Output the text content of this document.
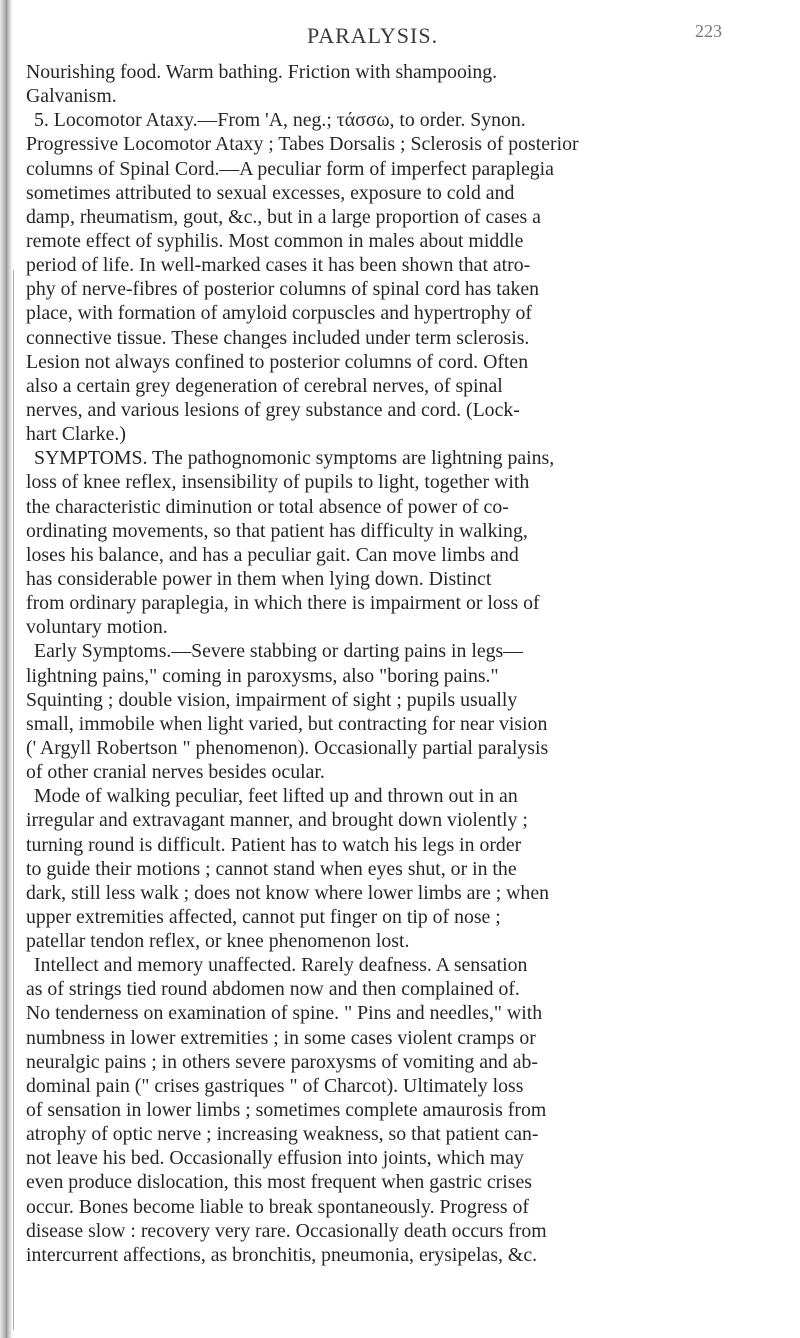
PARALYSIS.	223
Nourishing food. Warm bathing. Friction with shampooing.
Galvanism.
5. Locomotor Ataxy.—From 'A, neg.; τάσσω, to order. Synon.
Progressive Locomotor Ataxy ; Tabes Dorsalis ; Sclerosis of posterior
columns of Spinal Cord.—A peculiar form of imperfect paraplegia
sometimes attributed to sexual excesses, exposure to cold and
damp, rheumatism, gout, &c., but in a large proportion of cases a
remote effect of syphilis. Most common in males about middle
period of life. In well-marked cases it has been shown that atro-
phy of nerve-fibres of posterior columns of spinal cord has taken
place, with formation of amyloid corpuscles and hypertrophy of
connective tissue. These changes included under term sclerosis.
Lesion not always confined to posterior columns of cord. Often
also a certain grey degeneration of cerebral nerves, of spinal
nerves, and various lesions of grey substance and cord. (Lock-
hart Clarke.)
SYMPTOMS. The pathognomonic symptoms are lightning pains,
loss of knee reflex, insensibility of pupils to light, together with
the characteristic diminution or total absence of power of co-
ordinating movements, so that patient has difficulty in walking,
loses his balance, and has a peculiar gait. Can move limbs and
has considerable power in them when lying down. Distinct
from ordinary paraplegia, in which there is impairment or loss of
voluntary motion.
Early Symptoms.—Severe stabbing or darting pains in legs—
lightning pains," coming in paroxysms, also "boring pains."
Squinting ; double vision, impairment of sight ; pupils usually
small, immobile when light varied, but contracting for near vision
(' Argyll Robertson " phenomenon). Occasionally partial paralysis
of other cranial nerves besides ocular.
Mode of walking peculiar, feet lifted up and thrown out in an
irregular and extravagant manner, and brought down violently ;
turning round is difficult. Patient has to watch his legs in order
to guide their motions ; cannot stand when eyes shut, or in the
dark, still less walk ; does not know where lower limbs are ; when
upper extremities affected, cannot put finger on tip of nose ;
patellar tendon reflex, or knee phenomenon lost.
Intellect and memory unaffected. Rarely deafness. A sensation
as of strings tied round abdomen now and then complained of.
No tenderness on examination of spine. " Pins and needles," with
numbness in lower extremities ; in some cases violent cramps or
neuralgic pains ; in others severe paroxysms of vomiting and ab-
dominal pain (" crises gastriques " of Charcot). Ultimately loss
of sensation in lower limbs ; sometimes complete amaurosis from
atrophy of optic nerve ; increasing weakness, so that patient can-
not leave his bed. Occasionally effusion into joints, which may
even produce dislocation, this most frequent when gastric crises
occur. Bones become liable to break spontaneously. Progress of
disease slow : recovery very rare. Occasionally death occurs from
intercurrent affections, as bronchitis, pneumonia, erysipelas, &c.
